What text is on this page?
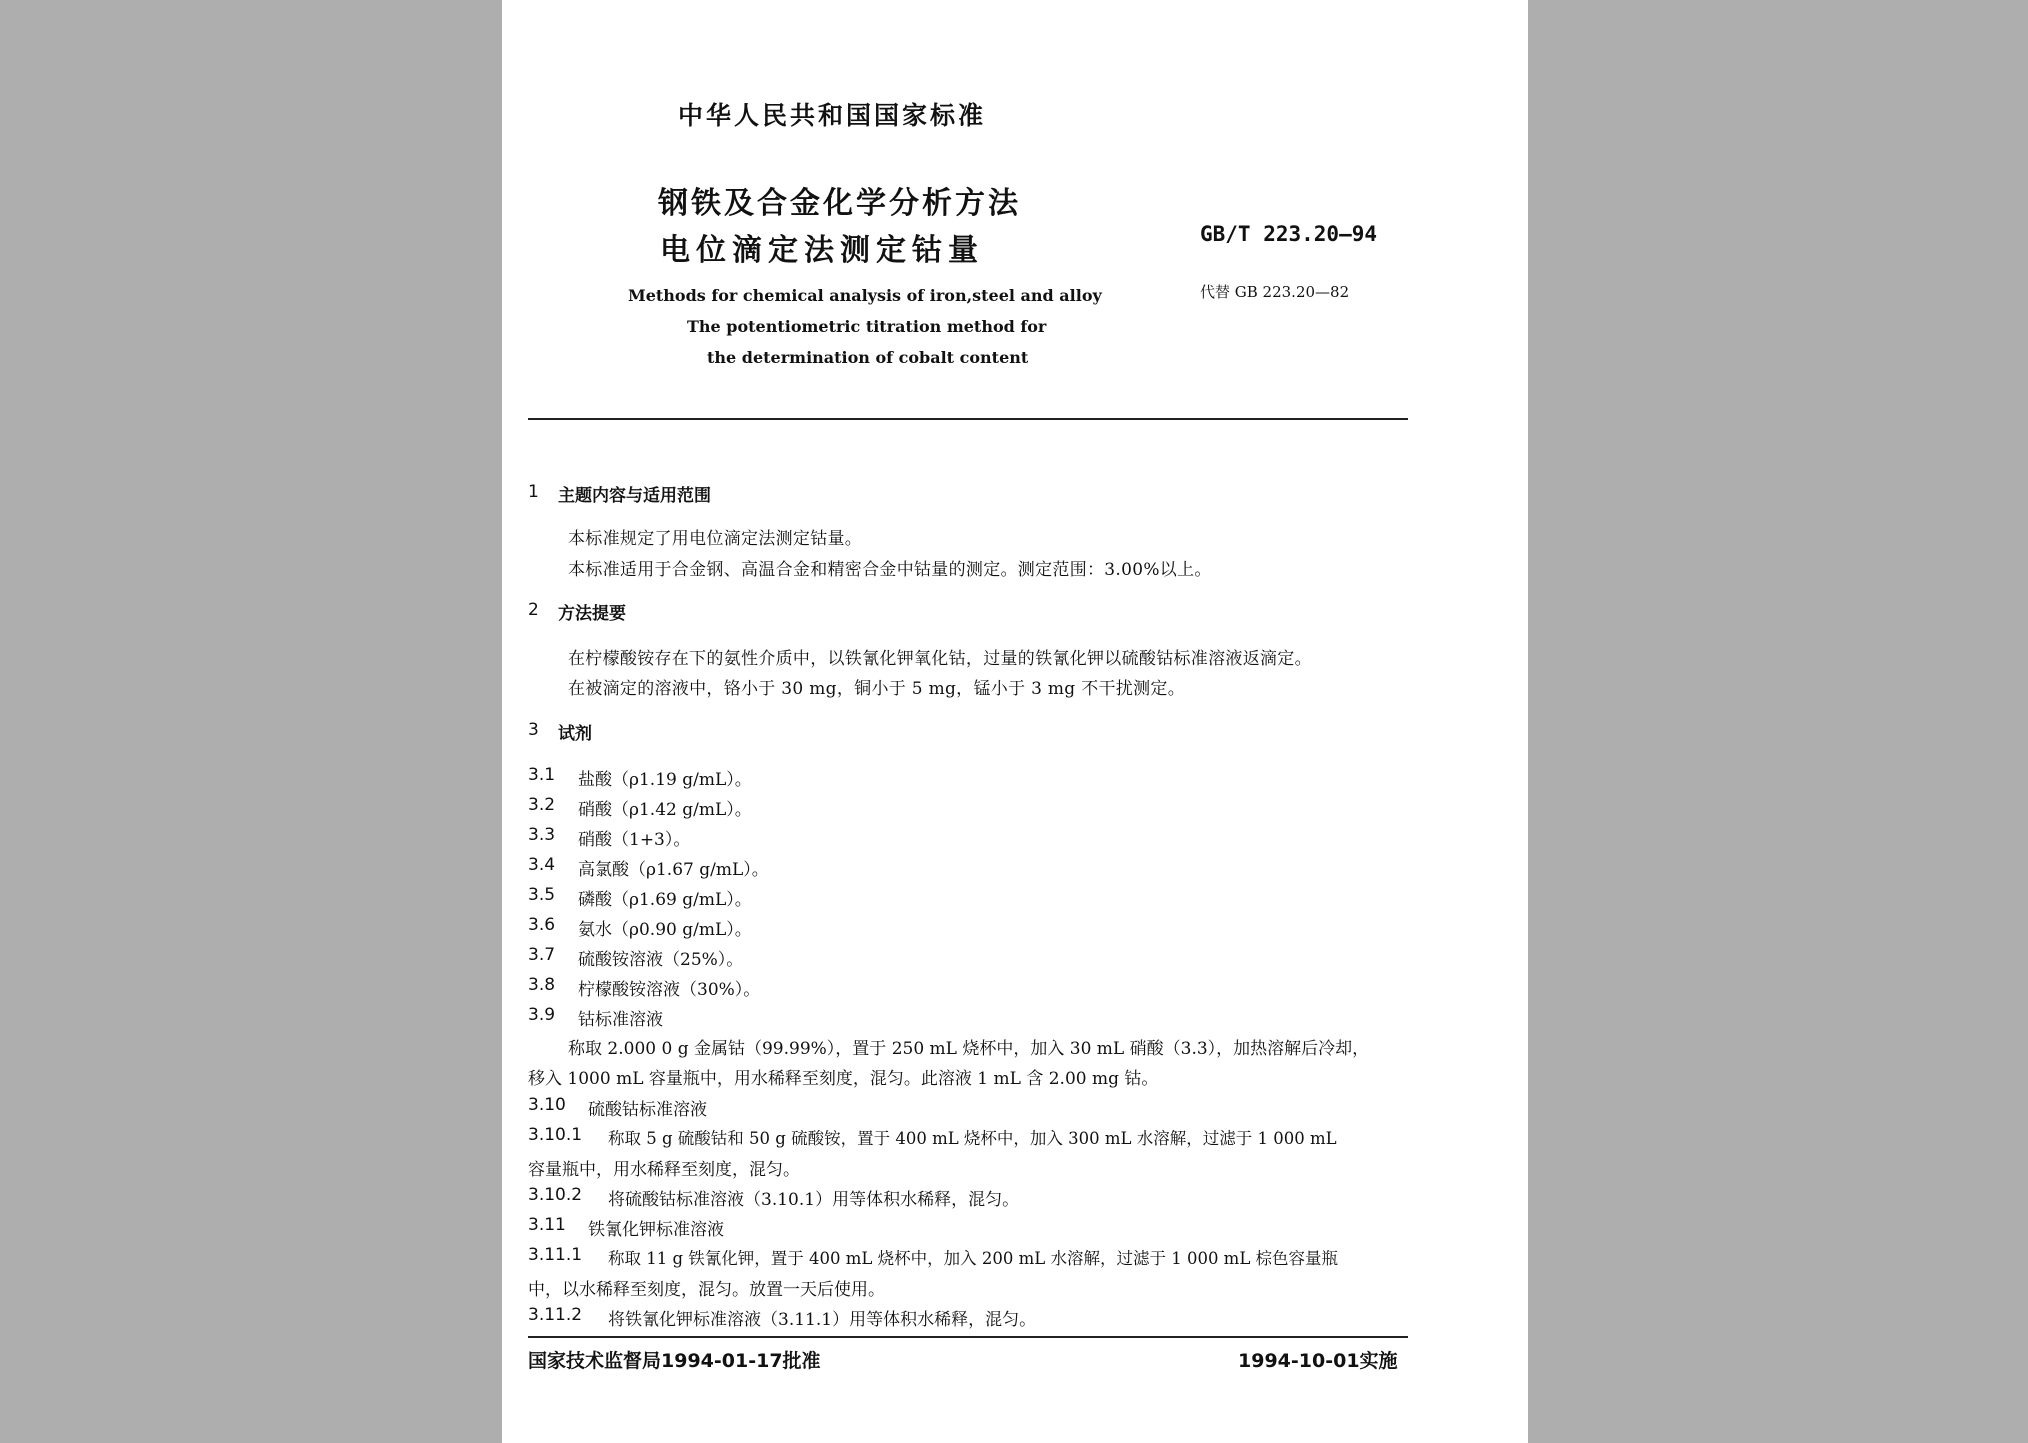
中华人民共和国国家标准
钢铁及合金化学分析方法
电位滴定法测定钴量	GB/T 223.20—94
代替 GB 223.20—82
Methods for chemical analysis of iron,steel and alloy
The potentiometric titration method for
the determination of cobalt content
1 主题内容与适用范围
本标准规定了用电位滴定法测定钴量。
本标准适用于合金钢、高温合金和精密合金中钴量的测定。测定范围：3.00%以上。
2 方法提要
在柠檬酸铵存在下的氨性介质中，以铁氰化钾氧化钴，过量的铁氰化钾以硫酸钴标准溶液返滴定。
在被滴定的溶液中，铬小于 30 mg，铜小于 5 mg，锰小于 3 mg 不干扰测定。
3 试剂
3.1 盐酸（ρ1.19 g/mL）。
3.2 硝酸（ρ1.42 g/mL）。
3.3 硝酸（1+3）。
3.4 高氯酸（ρ1.67 g/mL）。
3.5 磷酸（ρ1.69 g/mL）。
3.6 氨水（ρ0.90 g/mL）。
3.7 硫酸铵溶液（25%）。
3.8 柠檬酸铵溶液（30%）。
3.9 钴标准溶液
称取 2.000 0 g 金属钴（99.99%），置于 250 mL 烧杯中，加入 30 mL 硝酸（3.3），加热溶解后冷却，
移入 1000 mL 容量瓶中，用水稀释至刻度，混匀。此溶液 1 mL 含 2.00 mg 钴。
3.10 硫酸钴标准溶液
3.10.1 称取 5 g 硫酸钴和 50 g 硫酸铵，置于 400 mL 烧杯中，加入 300 mL 水溶解，过滤于 1 000 mL
容量瓶中，用水稀释至刻度，混匀。
3.10.2 将硫酸钴标准溶液（3.10.1）用等体积水稀释，混匀。
3.11 铁氰化钾标准溶液
3.11.1 称取 11 g 铁氰化钾，置于 400 mL 烧杯中，加入 200 mL 水溶解，过滤于 1 000 mL 棕色容量瓶
中，以水稀释至刻度，混匀。放置一天后使用。
3.11.2 将铁氰化钾标准溶液（3.11.1）用等体积水稀释，混匀。
国家技术监督局1994-01-17批准	1994-10-01实施
